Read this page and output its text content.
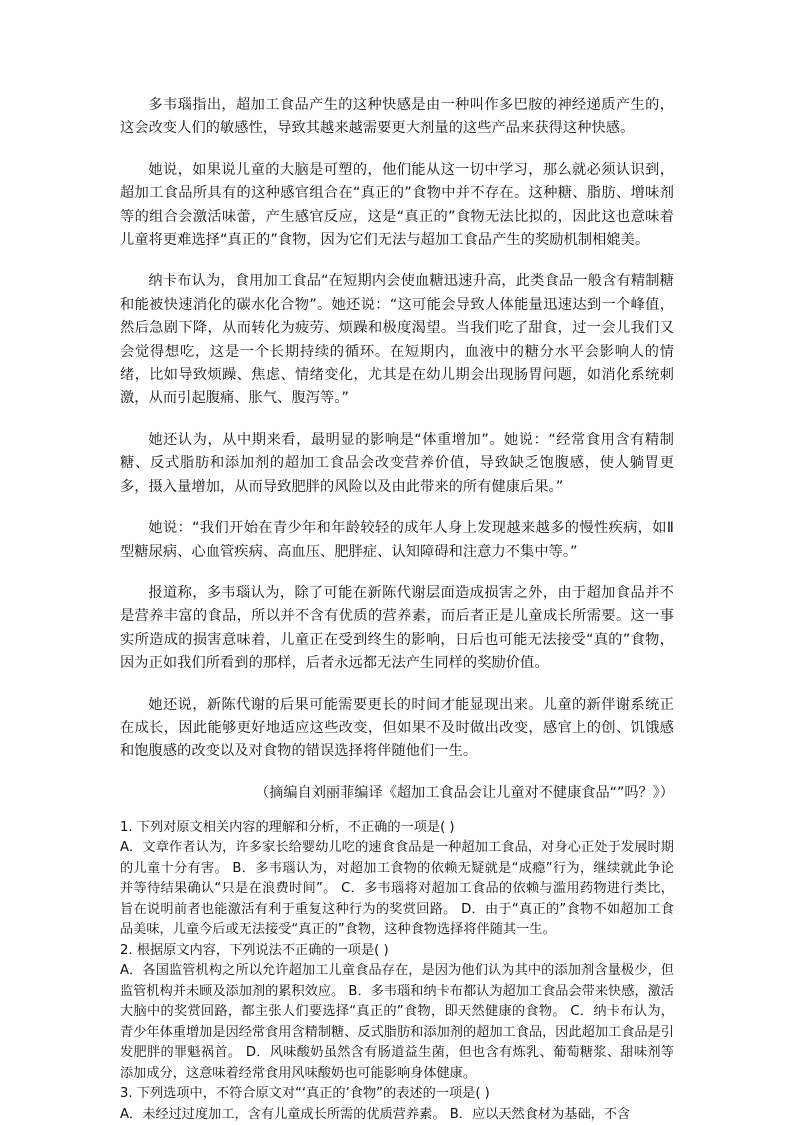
多韦瑙指出，超加工食品产生的这种快感是由一种叫作多巴胺的神经递质产生的，这会改变人们的敏感性，导致其越来越需要更大剂量的这些产品来获得这种快感。

她说，如果说儿童的大脑是可塑的，他们能从这一切中学习，那么就必须认识到，超加工食品所具有的这种感官组合在“真正的”食物中并不存在。这种糖、脂肪、增味剂等的组合会激活味蕾，产生感官反应，这是“真正的”食物无法比拟的，因此这也意味着儿童将更难选择“真正的”食物，因为它们无法与超加工食品产生的奖励机制相媲美。

纳卡布认为，食用加工食品“在短期内会使血糖迅速升高，此类食品一般含有精制糖和能被快速消化的碳水化合物”。她还说：“这可能会导致人体能量迅速达到一个峰值，然后急剧下降，从而转化为疲劳、烦躁和极度渴望。当我们吃了甜食，过一会儿我们又会觉得想吃，这是一个长期持续的循环。在短期内，血液中的糖分水平会影响人的情绪，比如导致烦躁、焦虑、情绪变化，尤其是在幼儿期会出现肠胃问题，如消化系统刺激，从而引起腹痛、胀气、腹泻等。”

她还认为，从中期来看，最明显的影响是“体重增加”。她说：“经常食用含有精制糖、反式脂肪和添加剂的超加工食品会改变营养价值，导致缺乏饱腹感，使人躺胃更多，摄入量增加，从而导致肥胖的风险以及由此带来的所有健康后果。”

她说：“我们开始在青少年和年龄较轻的成年人身上发现越来越多的慢性疾病，如Ⅱ型糖尿病、心血管疾病、高血压、肥胖症、认知障碍和注意力不集中等。”

报道称，多韦瑙认为，除了可能在新陈代谢层面造成损害之外，由于超加食品并不是营养丰富的食品，所以并不含有优质的营养素，而后者正是儿童成长所需要。这一事实所造成的损害意味着，儿童正在受到终生的影响，日后也可能无法接受“真的”食物，因为正如我们所看到的那样，后者永远都无法产生同样的奖励价值。

她还说，新陈代谢的后果可能需要更长的时间才能显现出来。儿童的新伴谢系统正在成长，因此能够更好地适应这些改变，但如果不及时做出改变，感官上的创、饥饿感和饱腹感的改变以及对食物的错误选择将伴随他们一生。

（摘编自刘丽菲编译《超加工食品会让儿童对不健康食品“”吗？》）

1. 下列对原文相关内容的理解和分析，不正确的一项是( )

A．文章作者认为，许多家长给婴幼儿吃的速食食品是一种超加工食品，对身心正处于发展时期的儿童十分有害。 B．多韦瑙认为，对超加工食物的依赖无疑就是“成瘾”行为，继续就此争论并等待结果确认“只是在浪费时间”。 C．多韦瑙将对超加工食品的依赖与滥用药物进行类比，旨在说明前者也能激活有利于重复这种行为的奖赏回路。 D．由于“真正的”食物不如超加工食品美味，儿童今后或无法接受“真正的”食物，这种食物选择将伴随其一生。

2. 根据原文内容，下列说法不正确的一项是( )

A．各国监管机构之所以允许超加工儿童食品存在，是因为他们认为其中的添加剂含量极少，但监管机构并未顾及添加剂的累积效应。 B．多韦瑙和纳卡布都认为超加工食品会带来快感，激活大脑中的奖赏回路，都主张人们要选择“真正的”食物，即天然健康的食物。 C．纳卡布认为，青少年体重增加是因经常食用含精制糖、反式脂肪和添加剂的超加工食品，因此超加工食品是引发肥胖的罪魁祸首。 D．风味酸奶虽然含有肠道益生菌，但也含有炼乳、葡萄糖浆、甜味剂等添加成分，这意味着经常食用风味酸奶也可能影响身体健康。

3. 下列选项中，不符合原文对“‘真正的’食物”的表述的一项是( )

A．未经过过度加工，含有儿童成长所需的优质营养素。 B．应以天然食材为基础，不含
